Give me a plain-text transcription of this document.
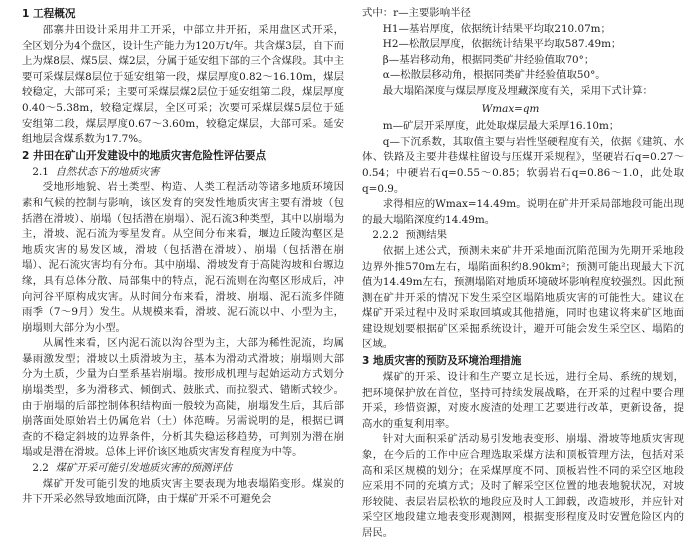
1 工程概况

邵寨井田设计采用井工开采，中部立井开拓，采用盘区式开采，全区划分为4个盘区，设计生产能力为120万t/年。共含煤3层，自下而上为煤8层、煤5层、煤2层，分属于延安组下部的三个含煤段。其中主要可采煤层煤8层位于延安组第一段，煤层厚度0.82～16.10m，煤层较稳定，大部可采；主要可采煤层煤2层位于延安组第二段，煤层厚度0.40～5.38m，较稳定煤层，全区可采；次要可采煤层煤5层位于延安组第二段，煤层厚度0.67～3.60m，较稳定煤层，大部可采。延安组地层含煤系数为17.7%。

2 井田在矿山开发建设中的地质灾害危险性评估要点

2.1 自然状态下的地质灾害

受地形地貌、岩土类型、构造、人类工程活动等诸多地质环境因素和气候的控制与影响，该区发育的突发性地质灾害主要有滑坡（包括潜在滑坡）、崩塌（包括潜在崩塌）、泥石流3种类型，其中以崩塌为主，滑坡、泥石流为零星发育。从空间分布来看，堰边丘陵沟壑区是地质灾害的易发区域，滑坡（包括潜在滑坡）、崩塌（包括潜在崩塌）、泥石流灾害均有分布。其中崩塌、滑坡发育于高陡沟坡和台塬边缘，具有总体分散、局部集中的特点，泥石流则在沟壑区形成后，冲向河谷平原构成灾害。从时间分布来看，滑坡、崩塌、泥石流多伴随雨季（7～9月）发生。从规模来看，滑坡、泥石流以中、小型为主，崩塌则大部分为小型。

从属性来看，区内泥石流以沟谷型为主，大部为稀性泥流，均属暴雨激发型；滑坡以土质滑坡为主，基本为滑动式滑坡；崩塌则大部分为土质，少量为白垩系基岩崩塌。按形成机理与起始运动方式划分崩塌类型，多为滑移式、倾倒式、鼓胀式、而拉裂式、错断式较少。由于崩塌的后部控制体积结构面一般较为高陡，崩塌发生后，其后部崩落面处原始岩土仍属危岩（土）体范畴。另需说明的是，根据已调查的不稳定斜坡的边界条件，分析其失稳运移趋势，可判别为潜在崩塌或是潜在滑坡。总体上评价该区地质灾害发育程度为中等。

2.2 煤矿开采可能引发地质灾害的预测评估

煤矿开发可能引发的地质灾害主要表现为地表塌陷变形。煤炭的井下开采必然导致地面沉降，由于煤矿开采不可避免会

式中：r—主要影响半径

H1—基岩厚度，依据统计结果平均取210.07m；

H2—松散层厚度，依据统计结果平均取587.49m；

β—基岩移动角，根据同类矿井经验值取70°；

α—松散层移动角，根据同类矿井经验值取50°。

最大塌陷深度与煤层厚度及埋藏深度有关，采用下式计算：

Wmax=qm

m—矿层开采厚度，此处取煤层最大采厚16.10m；

q—下沉系数，其取值主要与岩性坚硬程度有关，依据《建筑、水体、铁路及主要井巷煤柱留设与压煤开采规程》，坚硬岩石q=0.27～0.54；中硬岩石q=0.55～0.85；软弱岩石q=0.86～1.0，此处取q=0.9。

求得相应的Wmax=14.49m。说明在矿井开采局部地段可能出现的最大塌陷深度约14.49m。

2.2.2 预测结果

依据上述公式，预测未来矿井开采地面沉陷范围为先期开采地段边界外推570m左右，塌陷面积约8.90km²；预测可能出现最大下沉值为14.49m左右，预测塌陷对地质环境破坏影响程度较强烈。因此预测在矿井开采的情况下发生采空区塌陷地质灾害的可能性大。建议在煤矿开采过程中及时采取回填或其他措施，同时也建议将来矿区地面建设规划要根据矿区采掘系统设计，避开可能会发生采空区、塌陷的区域。

3 地质灾害的预防及环境治理措施

煤矿的开采、设计和生产要立足长远，进行全局、系统的规划，把环境保护放在首位，坚持可持续发展战略，在开采的过程中要合理开采，珍惜资源，对废水废渣的处理工艺要进行改革，更新设备，提高水的重复利用率。

针对大面积采矿活动易引发地表变形、崩塌、滑坡等地质灾害现象，在今后的工作中应合理选取采煤方法和顶板管理方法，包括对采高和采区规模的划分；在采煤厚度不同、顶板岩性不同的采空区地段应采用不同的充填方式；及时了解采空区位置的地表地貌状况，对坡形较陡、表层岩层松软的地段应及时人工卸载，改造坡形，并应针对采空区地段建立地表变形观测网，根据变形程度及时安置危险区内的居民。
